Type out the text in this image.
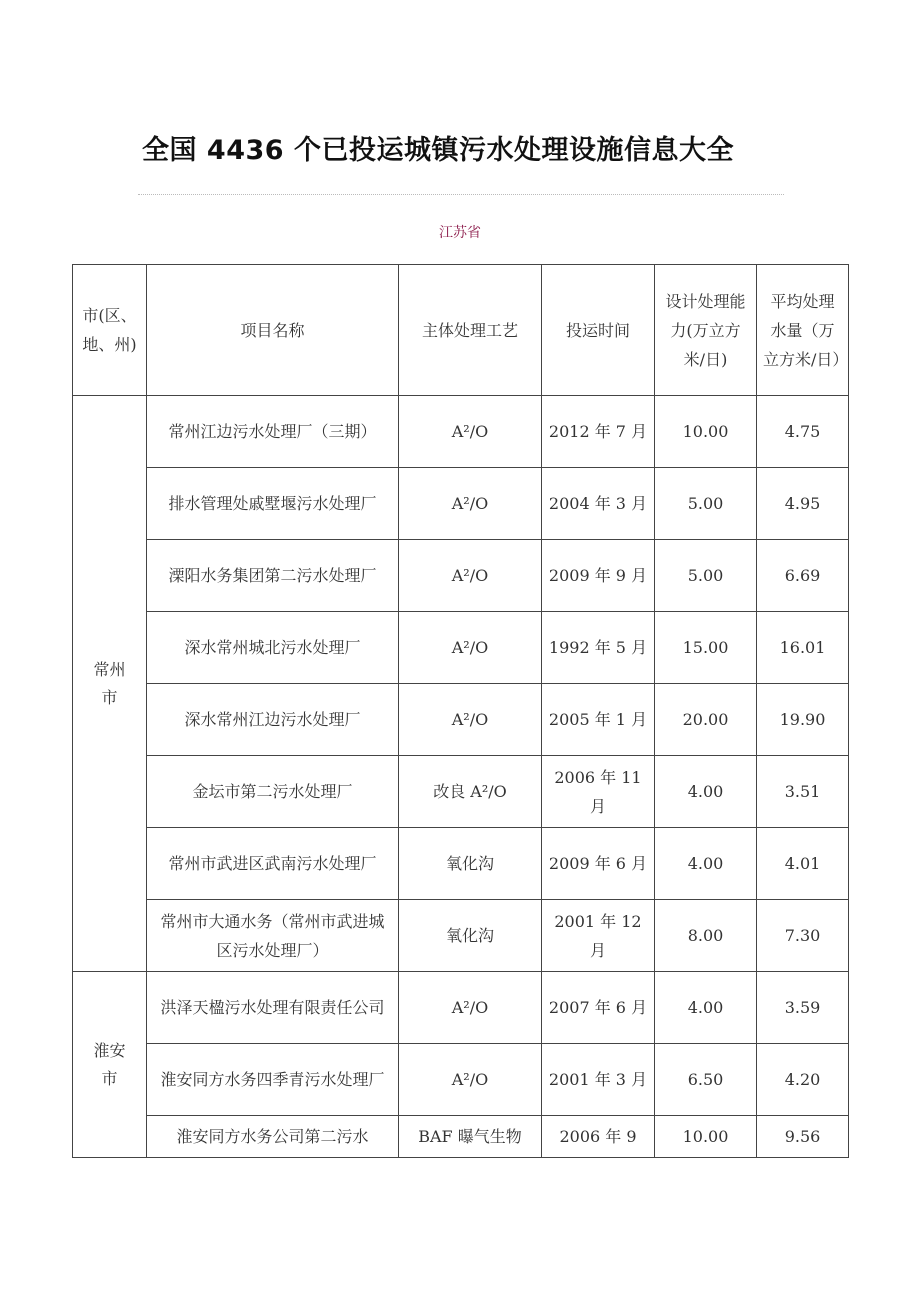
全国 4436 个已投运城镇污水处理设施信息大全
江苏省
市(区、地、州)	项目名称	主体处理工艺	投运时间	设计处理能力(万立方米/日)	平均处理水量（万立方米/日）
常州市	常州江边污水处理厂（三期）	A²/O	2012 年 7 月	10.00	4.75
	排水管理处戚墅堰污水处理厂	A²/O	2004 年 3 月	5.00	4.95
	溧阳水务集团第二污水处理厂	A²/O	2009 年 9 月	5.00	6.69
	深水常州城北污水处理厂	A²/O	1992 年 5 月	15.00	16.01
	深水常州江边污水处理厂	A²/O	2005 年 1 月	20.00	19.90
	金坛市第二污水处理厂	改良 A²/O	2006 年 11 月	4.00	3.51
	常州市武进区武南污水处理厂	氧化沟	2009 年 6 月	4.00	4.01
	常州市大通水务（常州市武进城区污水处理厂）	氧化沟	2001 年 12 月	8.00	7.30
淮安市	洪泽天楹污水处理有限责任公司	A²/O	2007 年 6 月	4.00	3.59
	淮安同方水务四季青污水处理厂	A²/O	2001 年 3 月	6.50	4.20
	淮安同方水务公司第二污水	BAF 曝气生物	2006 年 9	10.00	9.56
